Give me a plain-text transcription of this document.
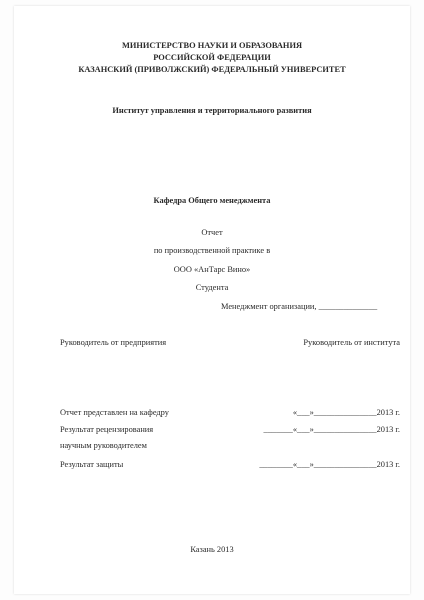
МИНИСТЕРСТВО НАУКИ И ОБРАЗОВАНИЯ
РОССИЙСКОЙ ФЕДЕРАЦИИ
КАЗАНСКИЙ (ПРИВОЛЖСКИЙ) ФЕДЕРАЛЬНЫЙ УНИВЕРСИТЕТ
Институт управления и территориального развития
Кафедра Общего менеджмента
Отчет
по производственной практике в
ООО «АнТарс Вино»
Студента
Менеджмент организации, ______________
Руководитель от предприятия	Руководитель от института
Отчет представлен на кафедру	«___»_______________2013 г.
Результат рецензирования	_______«___»_______________2013 г.
научным руководителем
Результат защиты	________«___»_______________2013 г.
Казань 2013
